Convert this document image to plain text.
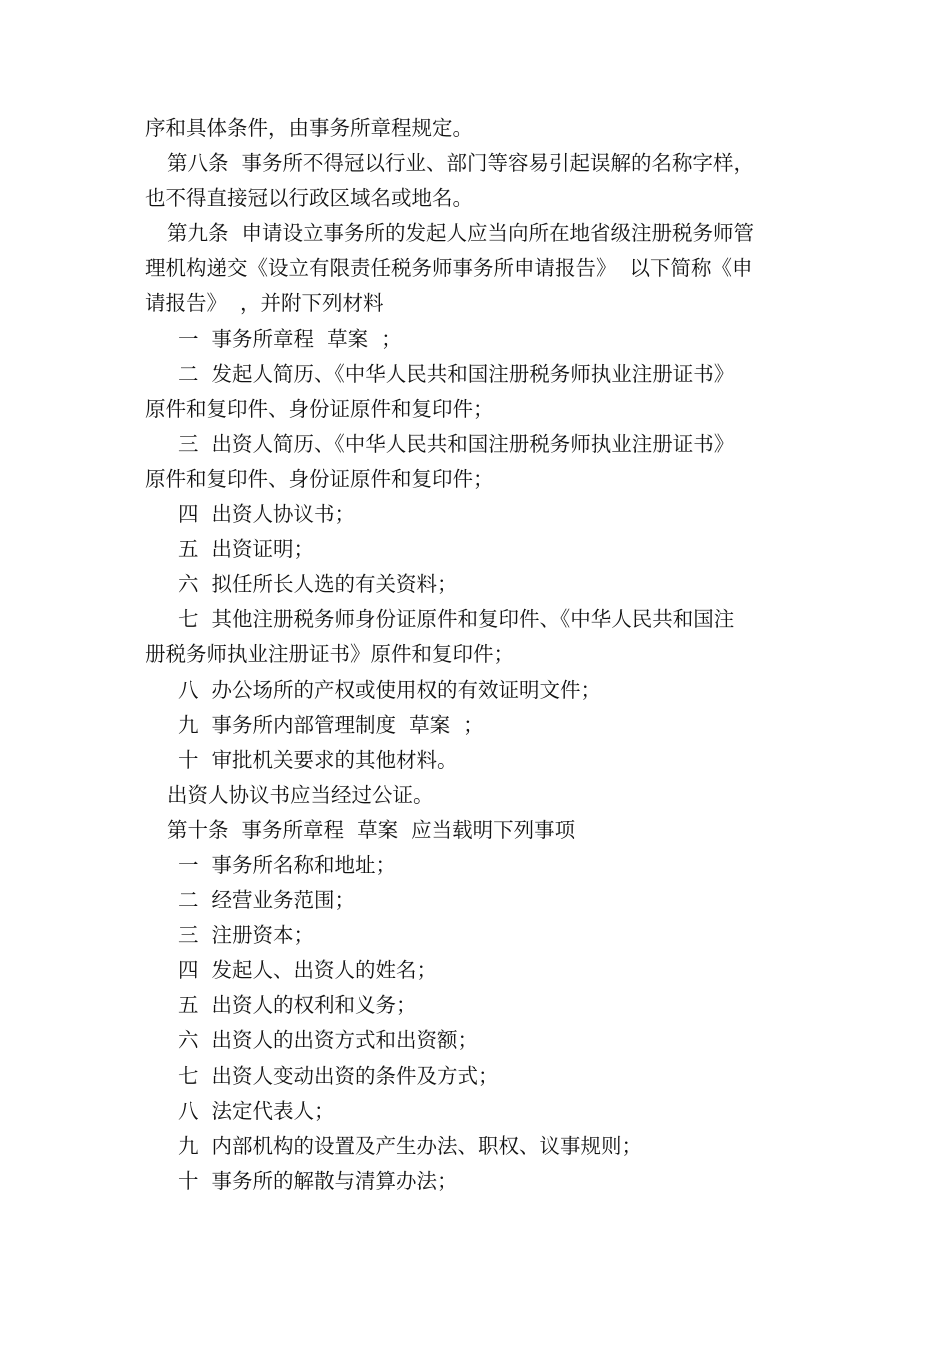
序和具体条件，由事务所章程规定。
第八条  事务所不得冠以行业、部门等容易引起误解的名称字样，
也不得直接冠以行政区域名或地名。
第九条  申请设立事务所的发起人应当向所在地省级注册税务师管
理机构递交《设立有限责任税务师事务所申请报告》  以下简称《申
请报告》  ，并附下列材料
一  事务所章程  草案  ；
二  发起人简历、《中华人民共和国注册税务师执业注册证书》
原件和复印件、身份证原件和复印件；
三  出资人简历、《中华人民共和国注册税务师执业注册证书》
原件和复印件、身份证原件和复印件；
四  出资人协议书；
五  出资证明；
六  拟任所长人选的有关资料；
七  其他注册税务师身份证原件和复印件、《中华人民共和国注
册税务师执业注册证书》原件和复印件；
八  办公场所的产权或使用权的有效证明文件；
九  事务所内部管理制度  草案  ；
十  审批机关要求的其他材料。
出资人协议书应当经过公证。
第十条  事务所章程  草案  应当载明下列事项
一  事务所名称和地址；
二  经营业务范围；
三  注册资本；
四  发起人、出资人的姓名；
五  出资人的权利和义务；
六  出资人的出资方式和出资额；
七  出资人变动出资的条件及方式；
八  法定代表人；
九  内部机构的设置及产生办法、职权、议事规则；
十  事务所的解散与清算办法；
